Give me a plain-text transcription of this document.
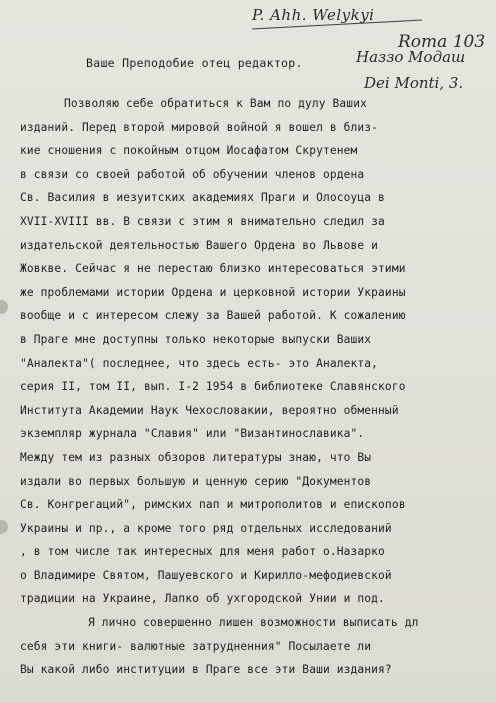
P. Ahh. Welykyi
Roma 103
Наззо Модаш
Dei Monti, 3.
Ваше Преподобие отец редактор.
Позволяю себе обратиться к Вам по дулу Ваших
изданий. Перед второй мировой войной я вошел в близ-
кие сношения с покойным отцом Иосафатом Скрутенем
в связи со своей работой об обучении членов ордена
Св. Василия в иезуитских академиях Праги и Олосоуца в
XVII-XVIII вв. В связи с этим я внимательно следил за
издательской деятельностью Вашего Ордена во Львове и
Жовкве. Сейчас я не перестаю близко интересоваться этими
же проблемами истории Ордена и церковной истории Украины
вообще и с интересом слежу за Вашей работой. К сожалению
в Праге мне доступны только некоторые выпуски Ваших
"Аналекта"( последнее, что здесь есть- это Аналекта,
серия II, том II, вып. I-2 1954 в библиотеке Славянского
Института Академии Наук Чехословакии, вероятно обменный
экземпляр журнала "Славия" или "Византинославика".
Между тем из разных обзоров литературы знаю, что Вы
издали во первых большую и ценную серию "Документов
Св. Конгрегаций", римских пап и митрополитов и епископов
Украины и пр., а кроме того ряд отдельных исследований
, в том числе так интересных для меня работ о.Назарко
о Владимире Святом, Пашуевского и Кирилло-мефодиевской
традиции на Украине, Лапко об ухгородской Унии и под.
Я лично совершенно лишен возможности выписать дл
себя эти книги- валютные затрудненния" Посылаете ли
Вы какой либо институции в Праге все эти Ваши издания?
